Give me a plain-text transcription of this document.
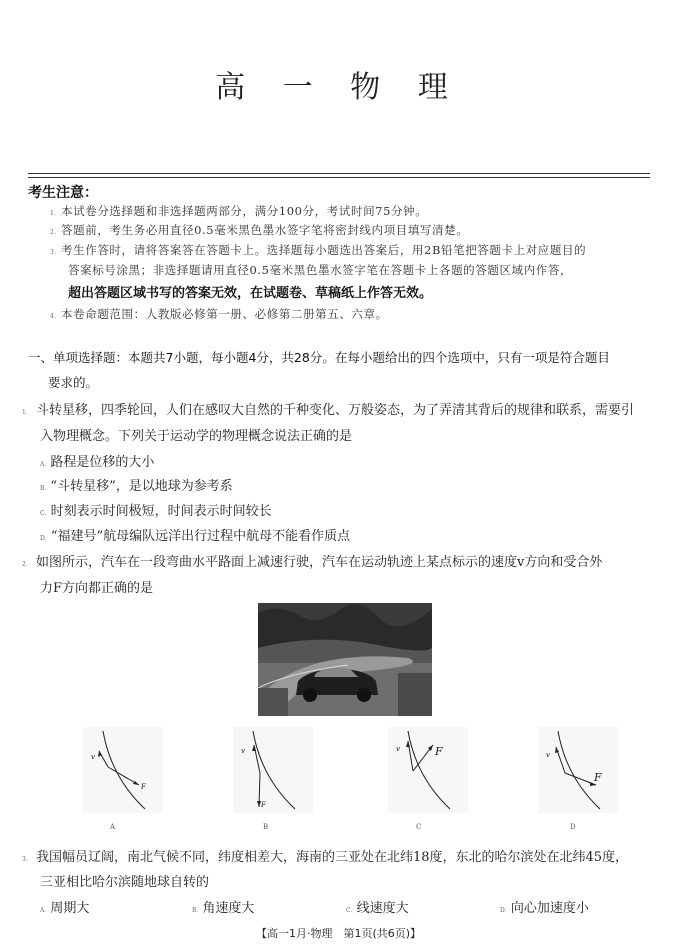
高 一 物 理
考生注意：
1．本试卷分选择题和非选择题两部分，满分100分，考试时间75分钟。
2．答题前，考生务必用直径0.5毫米黑色墨水签字笔将密封线内项目填写清楚。
3．考生作答时，请将答案答在答题卡上。选择题每小题选出答案后，用2B铅笔把答题卡上对应题目的
答案标号涂黑；非选择题请用直径0.5毫米黑色墨水签字笔在答题卡上各题的答题区域内作答，
超出答题区域书写的答案无效，在试题卷、草稿纸上作答无效。
4．本卷命题范围：人教版必修第一册、必修第二册第五、六章。
一、单项选择题：本题共7小题，每小题4分，共28分。在每小题给出的四个选项中，只有一项是符合题目
要求的。
1． 斗转星移，四季轮回，人们在感叹大自然的千种变化、万般姿态，为了弄清其背后的规律和联系，需要引
入物理概念。下列关于运动学的物理概念说法正确的是
A．路程是位移的大小
B．“斗转星移”，是以地球为参考系
C．时刻表示时间极短，时间表示时间较长
D．“福建号”航母编队远洋出行过程中航母不能看作质点
2． 如图所示，汽车在一段弯曲水平路面上减速行驶，汽车在运动轨迹上某点标示的速度v方向和受合外
力F方向都正确的是
v
F
A
v
F
B
v	F
C
v
F
D
3． 我国幅员辽阔，南北气候不同，纬度相差大，海南的三亚处在北纬18度，东北的哈尔滨处在北纬45度，
三亚相比哈尔滨随地球自转的
A．周期大	B．角速度大	C．线速度大	D．向心加速度小
【高一1月·物理　第1页(共6页)】
